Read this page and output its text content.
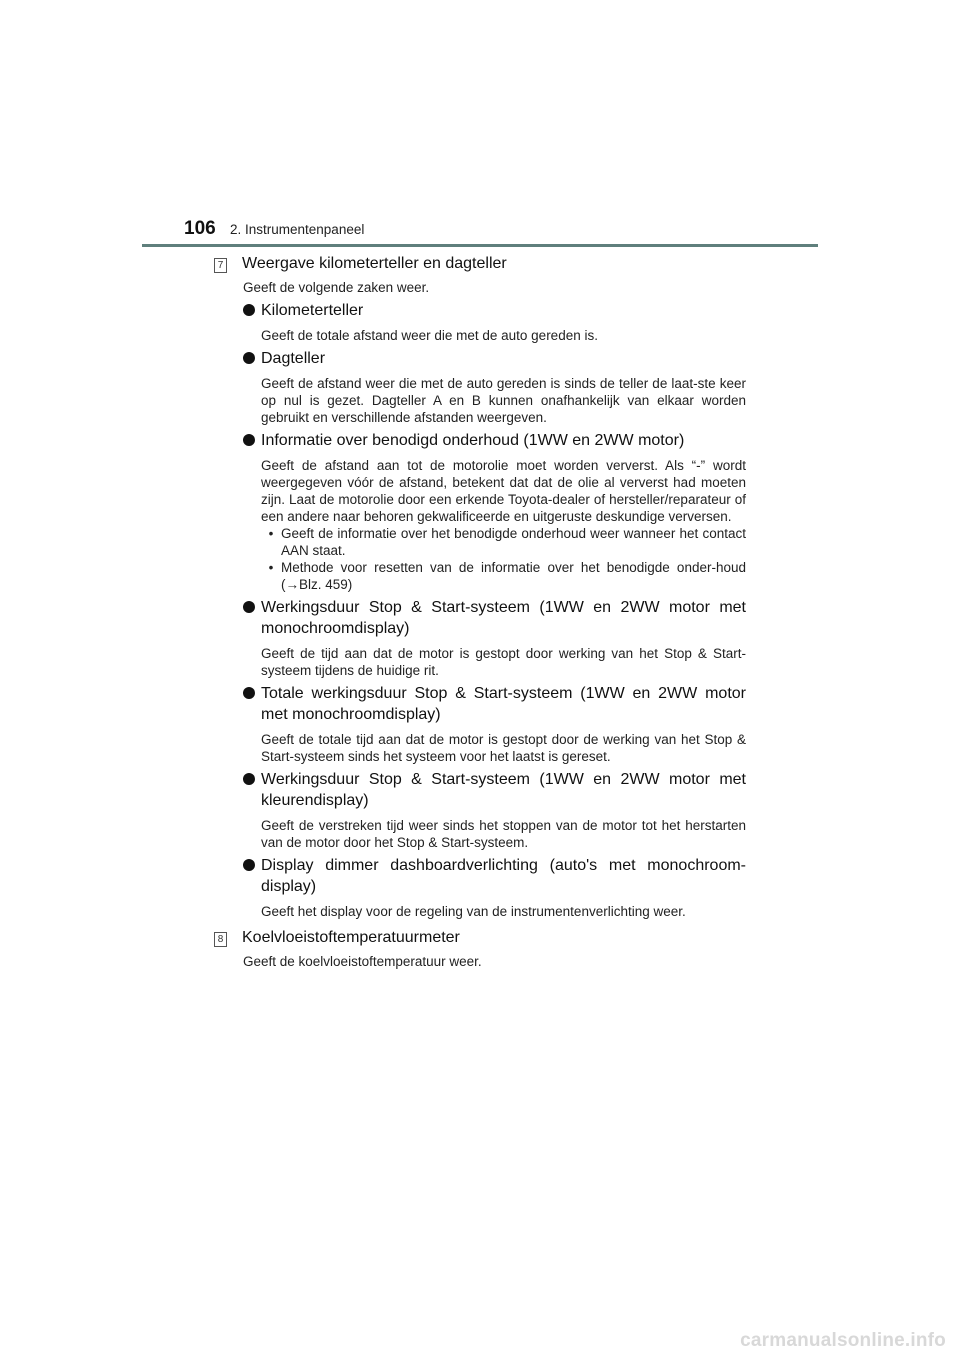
106 2. Instrumentenpaneel
7 Weergave kilometerteller en dagteller
Geeft de volgende zaken weer.
Kilometerteller
Geeft de totale afstand weer die met de auto gereden is.
Dagteller
Geeft de afstand weer die met de auto gereden is sinds de teller de laat-ste keer op nul is gezet. Dagteller A en B kunnen onafhankelijk van elkaar worden gebruikt en verschillende afstanden weergeven.
Informatie over benodigd onderhoud (1WW en 2WW motor)
Geeft de afstand aan tot de motorolie moet worden ververst. Als “-” wordt weergegeven vóór de afstand, betekent dat dat de olie al ververst had moeten zijn. Laat de motorolie door een erkende Toyota-dealer of hersteller/reparateur of een andere naar behoren gekwalificeerde en uitgeruste deskundige verversen.
• Geeft de informatie over het benodigde onderhoud weer wanneer het contact AAN staat.
• Methode voor resetten van de informatie over het benodigde onder-houd (→Blz. 459)
Werkingsduur Stop & Start-systeem (1WW en 2WW motor met monochroomdisplay)
Geeft de tijd aan dat de motor is gestopt door werking van het Stop & Start-systeem tijdens de huidige rit.
Totale werkingsduur Stop & Start-systeem (1WW en 2WW motor met monochroomdisplay)
Geeft de totale tijd aan dat de motor is gestopt door de werking van het Stop & Start-systeem sinds het systeem voor het laatst is gereset.
Werkingsduur Stop & Start-systeem (1WW en 2WW motor met kleurendisplay)
Geeft de verstreken tijd weer sinds het stoppen van de motor tot het herstarten van de motor door het Stop & Start-systeem.
Display dimmer dashboardverlichting (auto's met monochroom-display)
Geeft het display voor de regeling van de instrumentenverlichting weer.
8 Koelvloeistoftemperatuurmeter
Geeft de koelvloeistoftemperatuur weer.
carmanualsonline.info
